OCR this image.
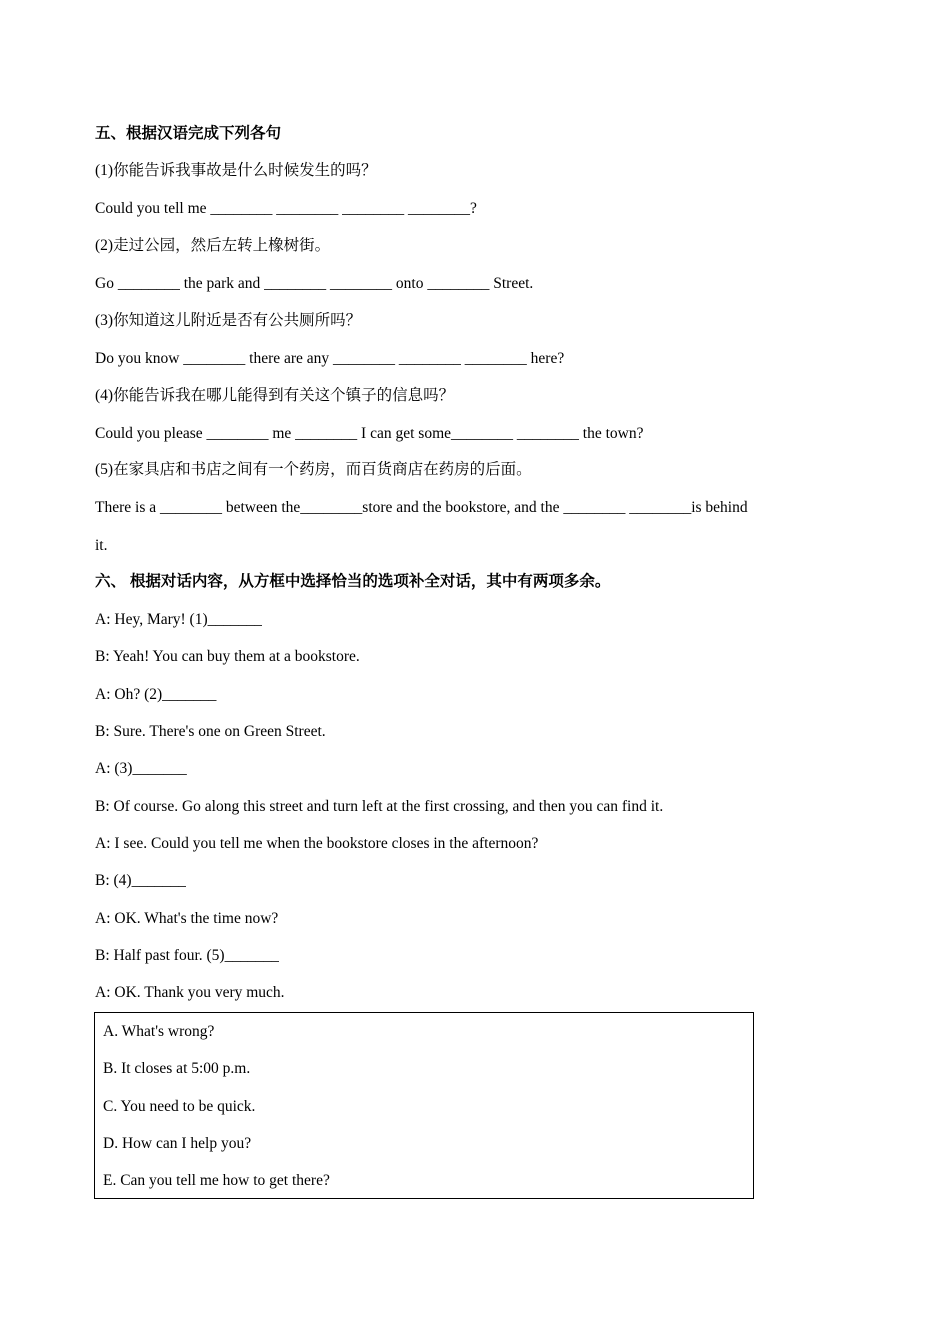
五、根据汉语完成下列各句
(1)你能告诉我事故是什么时候发生的吗？
Could you tell me ________ ________ ________ ________?
(2)走过公园，然后左转上橡树街。
Go ________ the park and ________ ________ onto ________ Street.
(3)你知道这儿附近是否有公共厕所吗？
Do you know ________ there are any ________ ________ ________ here?
(4)你能告诉我在哪儿能得到有关这个镇子的信息吗？
Could you please ________ me ________ I can get some________ ________ the town?
(5)在家具店和书店之间有一个药房，而百货商店在药房的后面。
There is a ________ between the________store and the bookstore, and the ________ ________is behind
it.
六、 根据对话内容，从方框中选择恰当的选项补全对话，其中有两项多余。
A: Hey, Mary! (1)_______
B: Yeah! You can buy them at a bookstore.
A: Oh? (2)_______
B: Sure. There's one on Green Street.
A: (3)_______
B: Of course. Go along this street and turn left at the first crossing, and then you can find it.
A: I see. Could you tell me when the bookstore closes in the afternoon?
B: (4)_______
A: OK. What's the time now?
B: Half past four. (5)_______
A: OK. Thank you very much.
A. What's wrong?
B. It closes at 5:00 p.m.
C. You need to be quick.
D. How can I help you?
E. Can you tell me how to get there?
